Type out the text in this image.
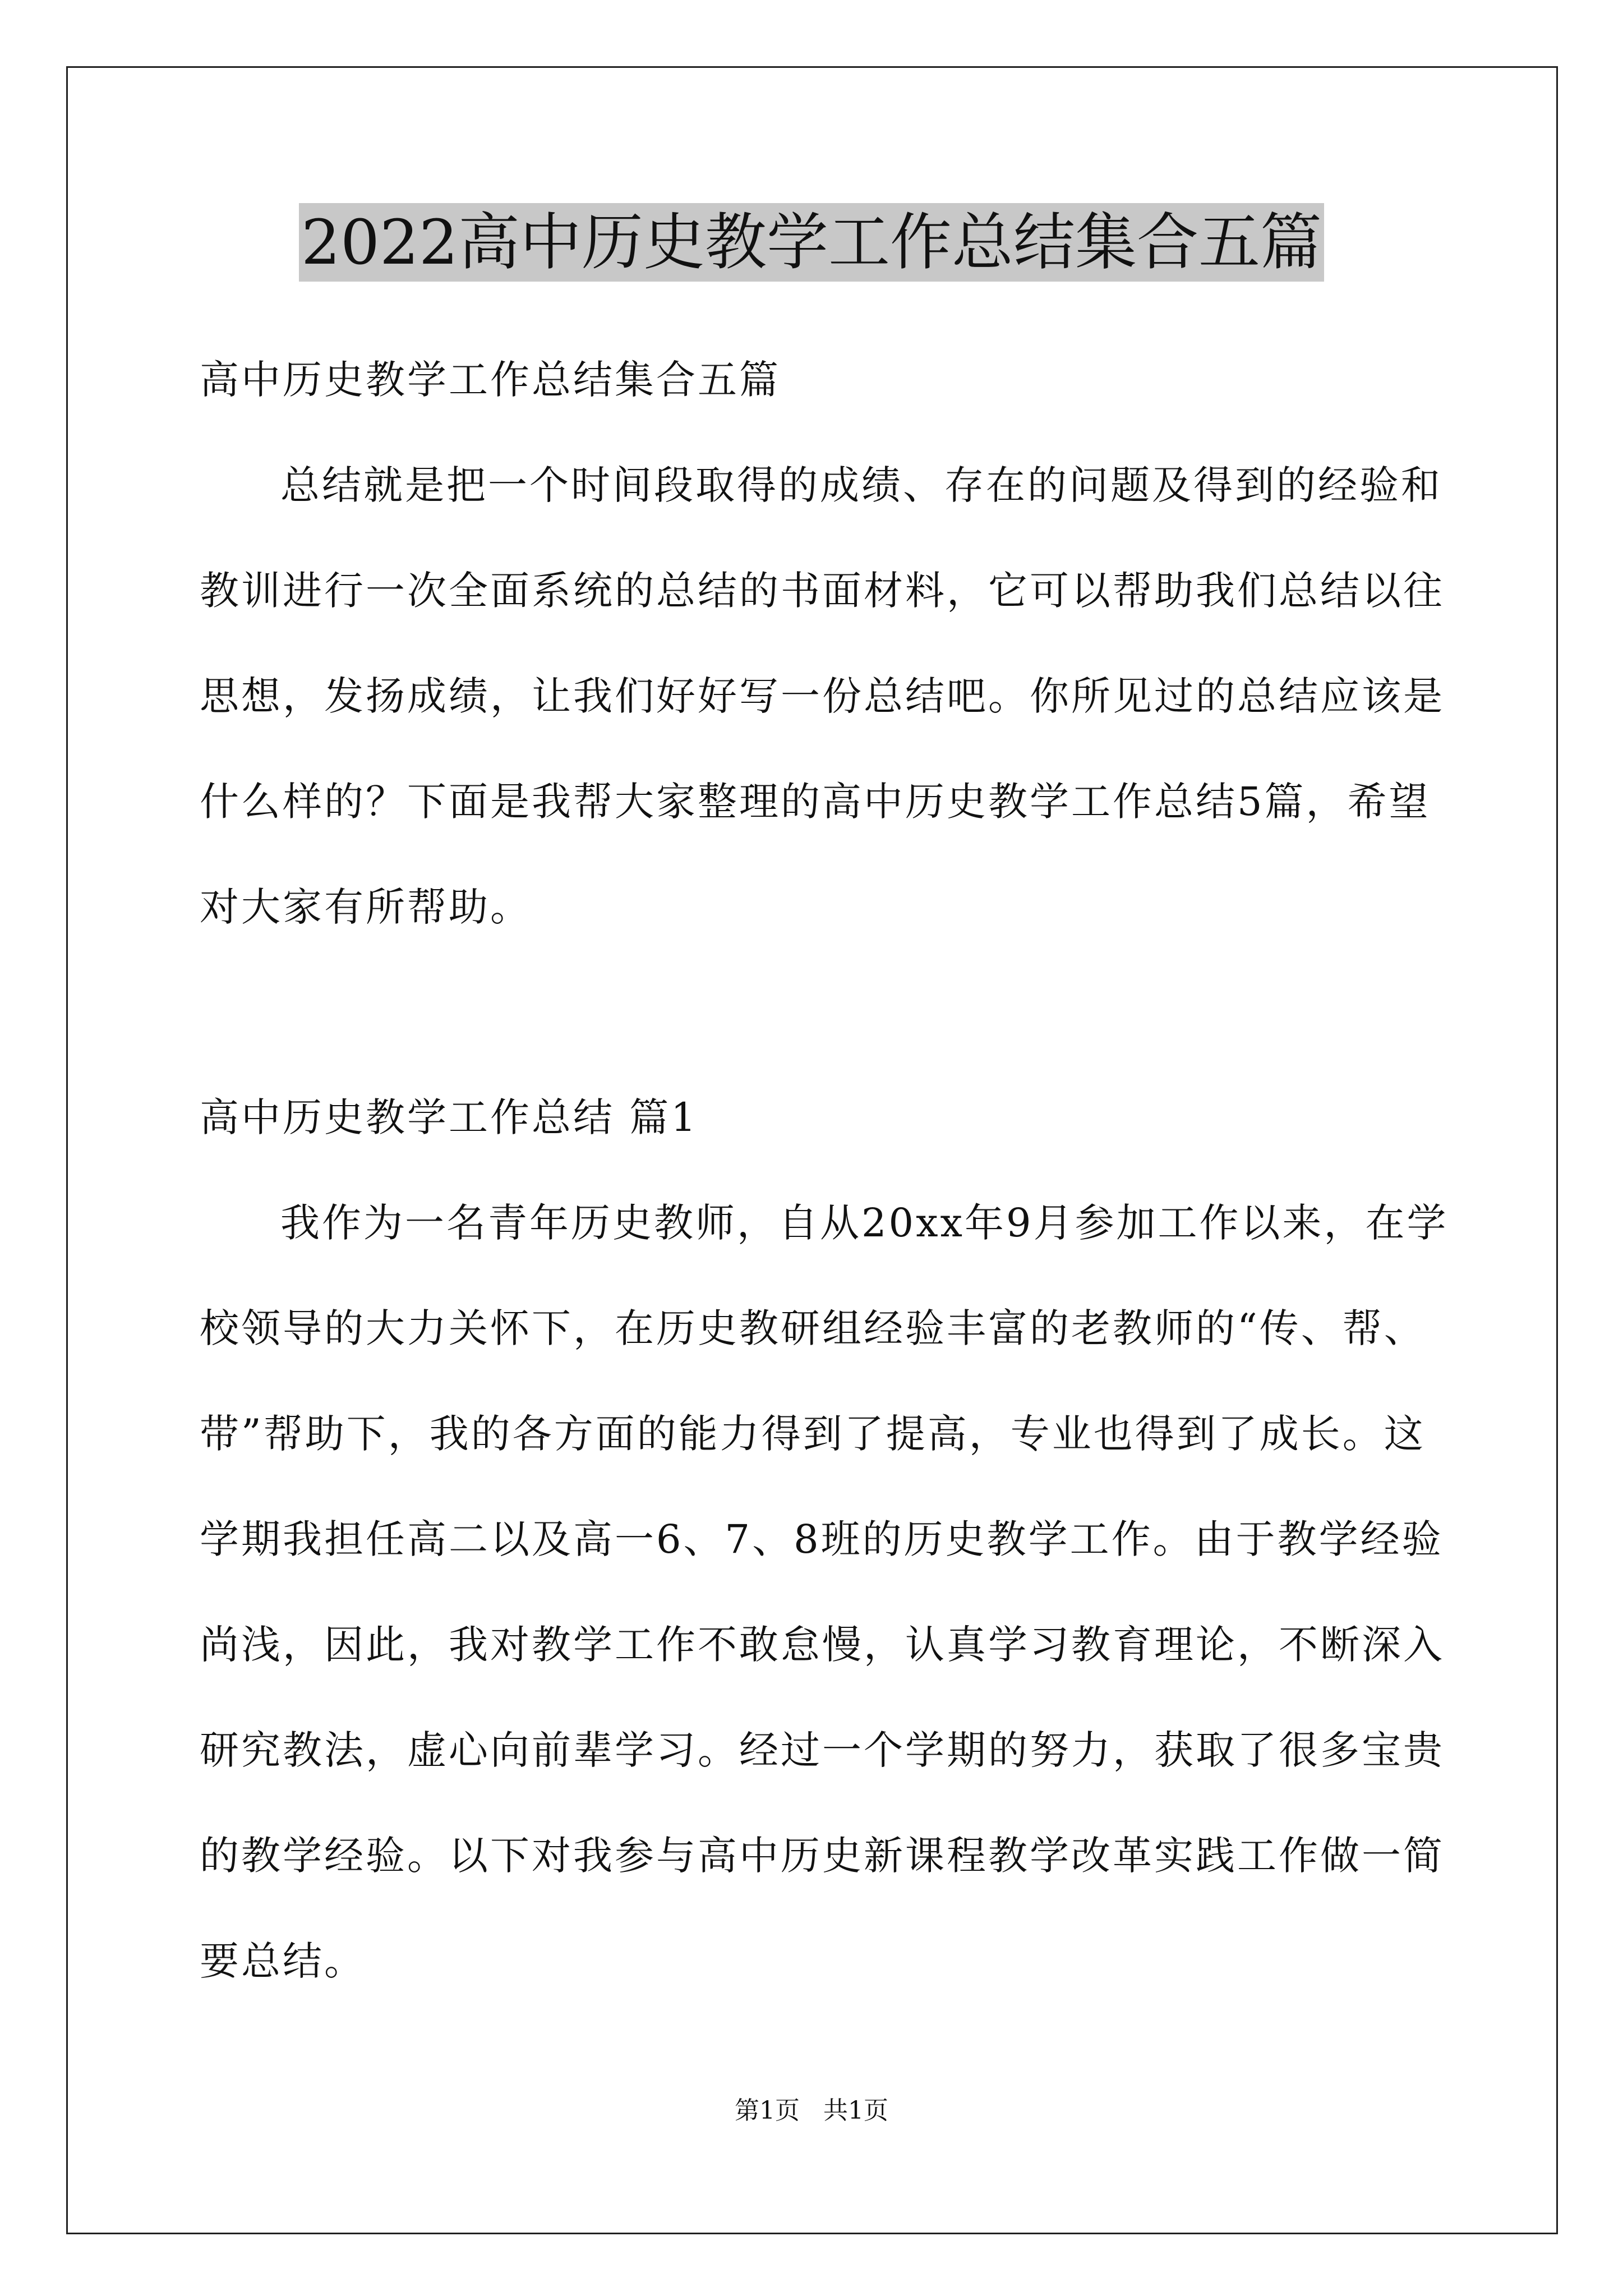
2022高中历史教学工作总结集合五篇
高中历史教学工作总结集合五篇
总结就是把一个时间段取得的成绩、存在的问题及得到的经验和
教训进行一次全面系统的总结的书面材料，它可以帮助我们总结以往
思想，发扬成绩，让我们好好写一份总结吧。你所见过的总结应该是
什么样的？下面是我帮大家整理的高中历史教学工作总结5篇，希望
对大家有所帮助。
高中历史教学工作总结 篇1
我作为一名青年历史教师，自从20xx年9月参加工作以来，在学
校领导的大力关怀下，在历史教研组经验丰富的老教师的“传、帮、
带”帮助下，我的各方面的能力得到了提高，专业也得到了成长。这
学期我担任高二以及高一6、7、8班的历史教学工作。由于教学经验
尚浅，因此，我对教学工作不敢怠慢，认真学习教育理论，不断深入
研究教法，虚心向前辈学习。经过一个学期的努力，获取了很多宝贵
的教学经验。以下对我参与高中历史新课程教学改革实践工作做一简
要总结。
第1页   共1页
